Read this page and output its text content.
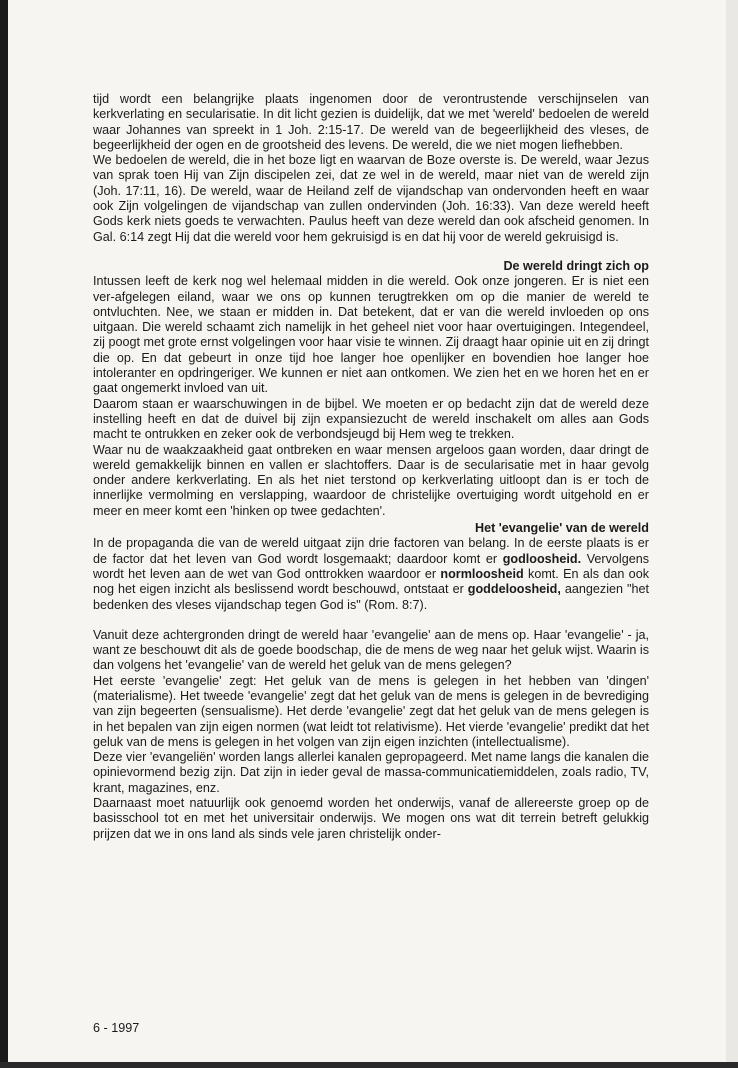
tijd wordt een belangrijke plaats ingenomen door de verontrustende verschijnselen van kerkverlating en secularisatie. In dit licht gezien is duidelijk, dat we met 'wereld' bedoelen de wereld waar Johannes van spreekt in 1 Joh. 2:15-17. De wereld van de begeerlijkheid des vleses, de begeerlijkheid der ogen en de grootsheid des levens. De wereld, die we niet mogen liefhebben.

We bedoelen de wereld, die in het boze ligt en waarvan de Boze overste is. De wereld, waar Jezus van sprak toen Hij van Zijn discipelen zei, dat ze wel in de wereld, maar niet van de wereld zijn (Joh. 17:11, 16). De wereld, waar de Heiland zelf de vijandschap van ondervonden heeft en waar ook Zijn volgelingen de vijandschap van zullen ondervinden (Joh. 16:33). Van deze wereld heeft Gods kerk niets goeds te verwachten. Paulus heeft van deze wereld dan ook afscheid genomen. In Gal. 6:14 zegt Hij dat die wereld voor hem gekruisigd is en dat hij voor de wereld gekruisigd is.

De wereld dringt zich op

Intussen leeft de kerk nog wel helemaal midden in die wereld. Ook onze jongeren. Er is niet een ver-afgelegen eiland, waar we ons op kunnen terugtrekken om op die manier de wereld te ontvluchten. Nee, we staan er midden in. Dat betekent, dat er van die wereld invloeden op ons uitgaan. Die wereld schaamt zich namelijk in het geheel niet voor haar overtuigingen. Integendeel, zij poogt met grote ernst volgelingen voor haar visie te winnen. Zij draagt haar opinie uit en zij dringt die op. En dat gebeurt in onze tijd hoe langer hoe openlijker en bovendien hoe langer hoe intoleranter en opdringeriger. We kunnen er niet aan ontkomen. We zien het en we horen het en er gaat ongemerkt invloed van uit.

Daarom staan er waarschuwingen in de bijbel. We moeten er op bedacht zijn dat de wereld deze instelling heeft en dat de duivel bij zijn expansiezucht de wereld inschakelt om alles aan Gods macht te ontrukken en zeker ook de verbondsjeugd bij Hem weg te trekken.

Waar nu de waakzaakheid gaat ontbreken en waar mensen argeloos gaan worden, daar dringt de wereld gemakkelijk binnen en vallen er slachtoffers. Daar is de secularisatie met in haar gevolg onder andere kerkverlating. En als het niet terstond op kerkverlating uitloopt dan is er toch de innerlijke vermolming en verslapping, waardoor de christelijke overtuiging wordt uitgehold en er meer en meer komt een 'hinken op twee gedachten'.

Het 'evangelie' van de wereld

In de propaganda die van de wereld uitgaat zijn drie factoren van belang. In de eerste plaats is er de factor dat het leven van God wordt losgemaakt; daardoor komt er godloosheid. Vervolgens wordt het leven aan de wet van God onttrokken waardoor er normloosheid komt. En als dan ook nog het eigen inzicht als beslissend wordt beschouwd, ontstaat er goddeloosheid, aangezien "het bedenken des vleses vijandschap tegen God is" (Rom. 8:7).

Vanuit deze achtergronden dringt de wereld haar 'evangelie' aan de mens op. Haar 'evangelie' - ja, want ze beschouwt dit als de goede boodschap, die de mens de weg naar het geluk wijst. Waarin is dan volgens het 'evangelie' van de wereld het geluk van de mens gelegen?

Het eerste 'evangelie' zegt: Het geluk van de mens is gelegen in het hebben van 'dingen' (materialisme). Het tweede 'evangelie' zegt dat het geluk van de mens is gelegen in de bevrediging van zijn begeerten (sensualisme). Het derde 'evangelie' zegt dat het geluk van de mens gelegen is in het bepalen van zijn eigen normen (wat leidt tot relativisme). Het vierde 'evangelie' predikt dat het geluk van de mens is gelegen in het volgen van zijn eigen inzichten (intellectualisme).

Deze vier 'evangeliën' worden langs allerlei kanalen gepropageerd. Met name langs die kanalen die opinievormend bezig zijn. Dat zijn in ieder geval de massa-communicatiemiddelen, zoals radio, TV, krant, magazines, enz.

Daarnaast moet natuurlijk ook genoemd worden het onderwijs, vanaf de allereerste groep op de basisschool tot en met het universitair onderwijs. We mogen ons wat dit terrein betreft gelukkig prijzen dat we in ons land als sinds vele jaren christelijk onder-

6 - 1997
